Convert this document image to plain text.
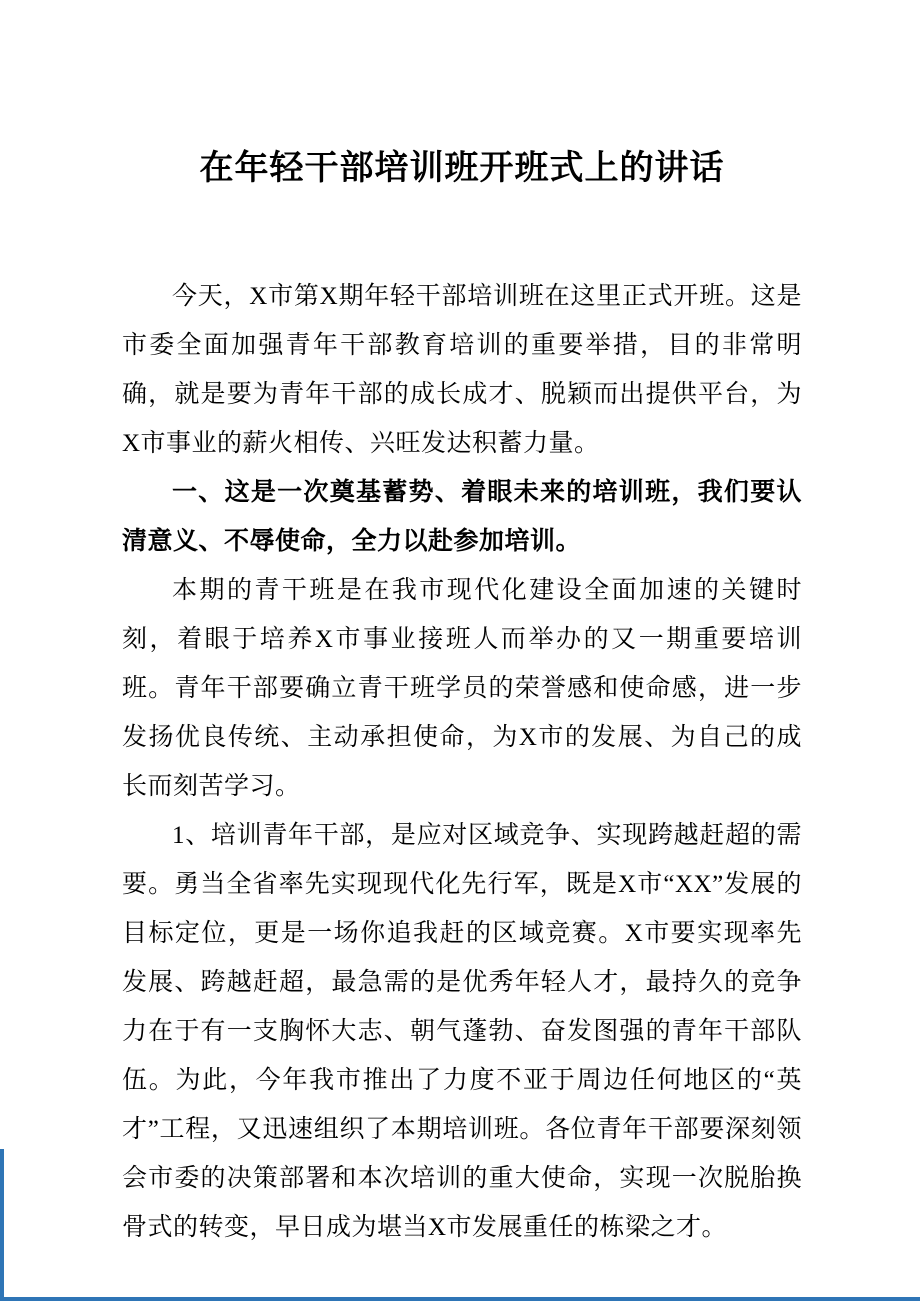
在年轻干部培训班开班式上的讲话

今天，X市第X期年轻干部培训班在这里正式开班。这是市委全面加强青年干部教育培训的重要举措，目的非常明确，就是要为青年干部的成长成才、脱颖而出提供平台，为X市事业的薪火相传、兴旺发达积蓄力量。

一、这是一次奠基蓄势、着眼未来的培训班，我们要认清意义、不辱使命，全力以赴参加培训。

本期的青干班是在我市现代化建设全面加速的关键时刻，着眼于培养X市事业接班人而举办的又一期重要培训班。青年干部要确立青干班学员的荣誉感和使命感，进一步发扬优良传统、主动承担使命，为X市的发展、为自己的成长而刻苦学习。

1、培训青年干部，是应对区域竞争、实现跨越赶超的需要。勇当全省率先实现现代化先行军，既是X市“XX”发展的目标定位，更是一场你追我赶的区域竞赛。X市要实现率先发展、跨越赶超，最急需的是优秀年轻人才，最持久的竞争力在于有一支胸怀大志、朝气蓬勃、奋发图强的青年干部队伍。为此，今年我市推出了力度不亚于周边任何地区的“英才”工程，又迅速组织了本期培训班。各位青年干部要深刻领会市委的决策部署和本次培训的重大使命，实现一次脱胎换骨式的转变，早日成为堪当X市发展重任的栋梁之才。
